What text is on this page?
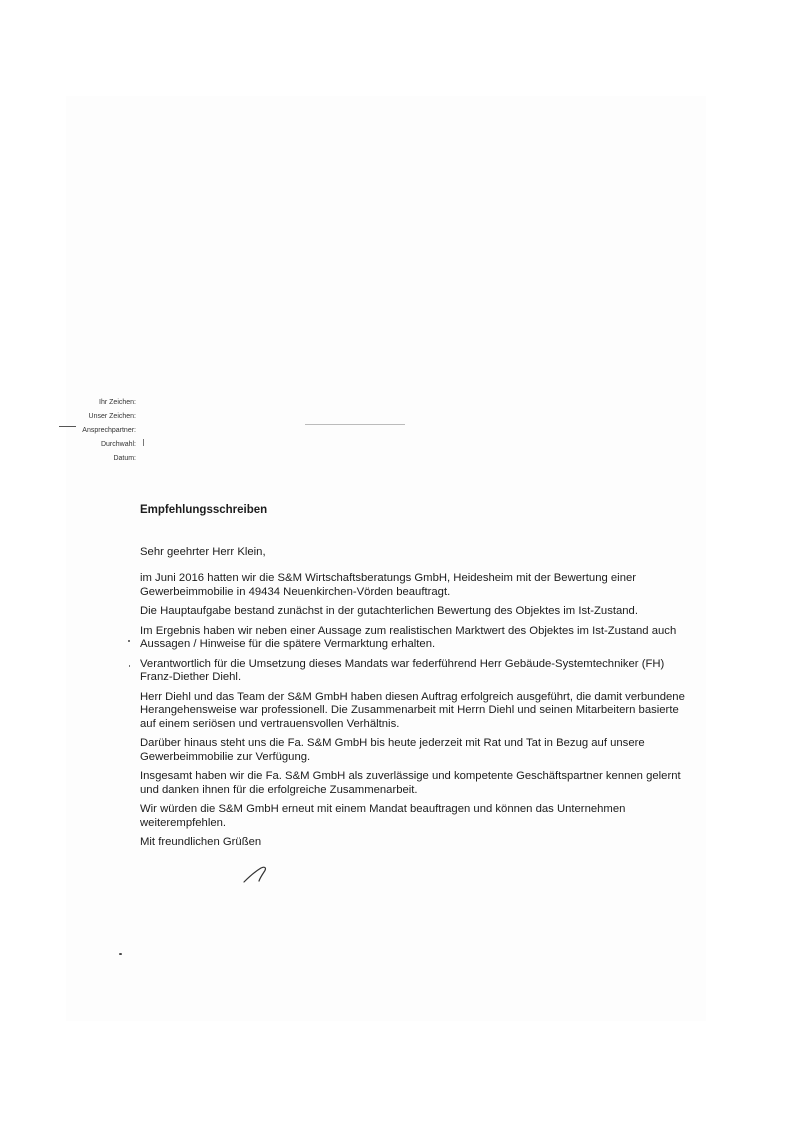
Ihr Zeichen:
Unser Zeichen:
Ansprechpartner:
Durchwahl:
Datum:
Empfehlungsschreiben
Sehr geehrter Herr Klein,

im Juni 2016 hatten wir die S&M Wirtschaftsberatungs GmbH, Heidesheim mit der Bewertung einer Gewerbeimmobilie in 49434 Neuenkirchen-Vörden beauftragt.

Die Hauptaufgabe bestand zunächst in der gutachterlichen Bewertung des Objektes im Ist-Zustand.

Im Ergebnis haben wir neben einer Aussage zum realistischen Marktwert des Objektes im Ist-Zustand auch Aussagen / Hinweise für die spätere Vermarktung erhalten.

Verantwortlich für die Umsetzung dieses Mandats war federführend Herr Gebäude-Systemtechniker (FH) Franz-Diether Diehl.

Herr Diehl und das Team der S&M GmbH haben diesen Auftrag erfolgreich ausgeführt, die damit verbundene Herangehensweise war professionell. Die Zusammenarbeit mit Herrn Diehl und seinen Mitarbeitern basierte auf einem seriösen und vertrauensvollen Verhältnis.

Darüber hinaus steht uns die Fa. S&M GmbH bis heute jederzeit mit Rat und Tat in Bezug auf unsere Gewerbeimmobilie zur Verfügung.

Insgesamt haben wir die Fa. S&M GmbH als zuverlässige und kompetente Geschäftspartner kennen gelernt und danken ihnen für die erfolgreiche Zusammenarbeit.

Wir würden die S&M GmbH erneut mit einem Mandat beauftragen und können das Unternehmen weiterempfehlen.

Mit freundlichen Grüßen
